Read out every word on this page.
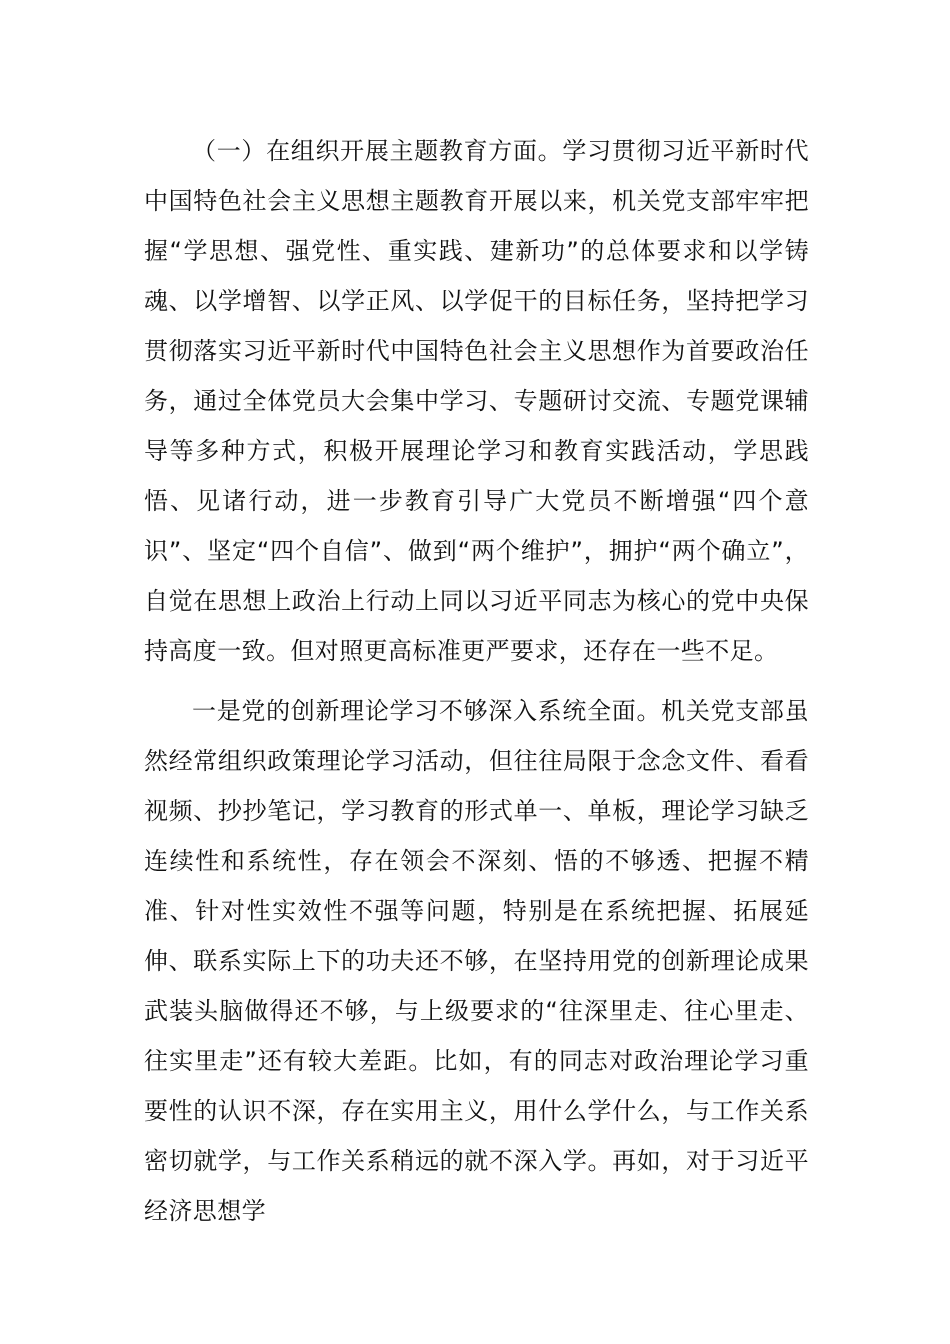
（一）在组织开展主题教育方面。学习贯彻习近平新时代中国特色社会主义思想主题教育开展以来，机关党支部牢牢把握“学思想、强党性、重实践、建新功”的总体要求和以学铸魂、以学增智、以学正风、以学促干的目标任务，坚持把学习贯彻落实习近平新时代中国特色社会主义思想作为首要政治任务，通过全体党员大会集中学习、专题研讨交流、专题党课辅导等多种方式，积极开展理论学习和教育实践活动，学思践悟、见诸行动，进一步教育引导广大党员不断增强“四个意识”、坚定“四个自信”、做到“两个维护”，拥护“两个确立”，自觉在思想上政治上行动上同以习近平同志为核心的党中央保持高度一致。但对照更高标准更严要求，还存在一些不足。

一是党的创新理论学习不够深入系统全面。机关党支部虽然经常组织政策理论学习活动，但往往局限于念念文件、看看视频、抄抄笔记，学习教育的形式单一、单板，理论学习缺乏连续性和系统性，存在领会不深刻、悟的不够透、把握不精准、针对性实效性不强等问题，特别是在系统把握、拓展延伸、联系实际上下的功夫还不够，在坚持用党的创新理论成果武装头脑做得还不够，与上级要求的“往深里走、往心里走、往实里走”还有较大差距。比如，有的同志对政治理论学习重要性的认识不深，存在实用主义，用什么学什么，与工作关系密切就学，与工作关系稍远的就不深入学。再如，对于习近平经济思想学
